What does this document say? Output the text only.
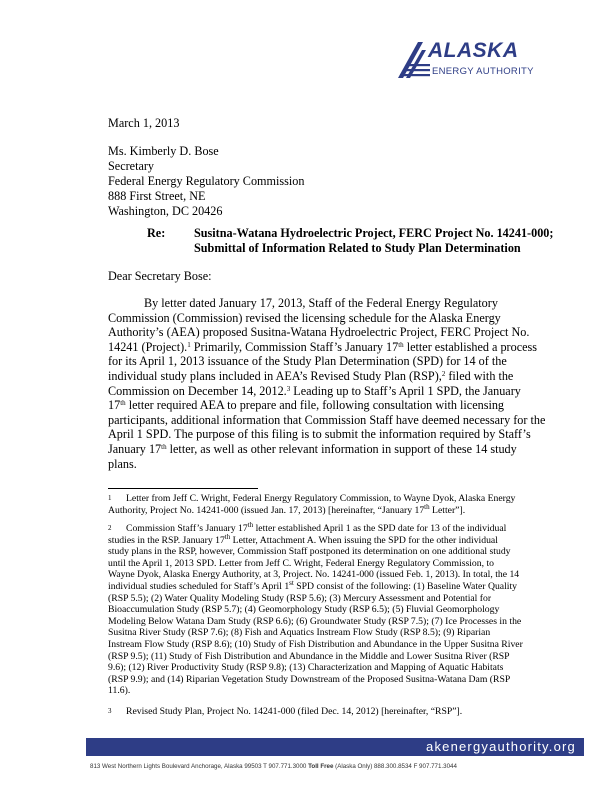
ALASKA
ENERGY AUTHORITY
March 1, 2013
Ms. Kimberly D. Bose
Secretary
Federal Energy Regulatory Commission
888 First Street, NE
Washington, DC 20426
Re: Susitna-Watana Hydroelectric Project, FERC Project No. 14241-000;
Submittal of Information Related to Study Plan Determination
Dear Secretary Bose:
By letter dated January 17, 2013, Staff of the Federal Energy Regulatory
Commission (Commission) revised the licensing schedule for the Alaska Energy
Authority’s (AEA) proposed Susitna-Watana Hydroelectric Project, FERC Project No.
14241 (Project).$^1$ Primarily, Commission Staff’s January 17th letter established a process
for its April 1, 2013 issuance of the Study Plan Determination (SPD) for 14 of the
individual study plans included in AEA’s Revised Study Plan (RSP),$^2$ filed with the
Commission on December 14, 2012.$^3$ Leading up to Staff’s April 1 SPD, the January
17th letter required AEA to prepare and file, following consultation with licensing
participants, additional information that Commission Staff have deemed necessary for the
April 1 SPD. The purpose of this filing is to submit the information required by Staff’s
January 17th letter, as well as other relevant information in support of these 14 study
plans.
1 Letter from Jeff C. Wright, Federal Energy Regulatory Commission, to Wayne Dyok, Alaska Energy
Authority, Project No. 14241-000 (issued Jan. 17, 2013) [hereinafter, “January 17th Letter”].
2 Commission Staff’s January 17th letter established April 1 as the SPD date for 13 of the individual
studies in the RSP. January 17th Letter, Attachment A. When issuing the SPD for the other individual
study plans in the RSP, however, Commission Staff postponed its determination on one additional study
until the April 1, 2013 SPD. Letter from Jeff C. Wright, Federal Energy Regulatory Commission, to
Wayne Dyok, Alaska Energy Authority, at 3, Project. No. 14241-000 (issued Feb. 1, 2013). In total, the 14
individual studies scheduled for Staff’s April 1st SPD consist of the following: (1) Baseline Water Quality
(RSP 5.5); (2) Water Quality Modeling Study (RSP 5.6); (3) Mercury Assessment and Potential for
Bioaccumulation Study (RSP 5.7); (4) Geomorphology Study (RSP 6.5); (5) Fluvial Geomorphology
Modeling Below Watana Dam Study (RSP 6.6); (6) Groundwater Study (RSP 7.5); (7) Ice Processes in the
Susitna River Study (RSP 7.6); (8) Fish and Aquatics Instream Flow Study (RSP 8.5); (9) Riparian
Instream Flow Study (RSP 8.6); (10) Study of Fish Distribution and Abundance in the Upper Susitna River
(RSP 9.5); (11) Study of Fish Distribution and Abundance in the Middle and Lower Susitna River (RSP
9.6); (12) River Productivity Study (RSP 9.8); (13) Characterization and Mapping of Aquatic Habitats
(RSP 9.9); and (14) Riparian Vegetation Study Downstream of the Proposed Susitna-Watana Dam (RSP
11.6).
3 Revised Study Plan, Project No. 14241-000 (filed Dec. 14, 2012) [hereinafter, “RSP”].
akenergyauthority.org
813 West Northern Lights Boulevard Anchorage, Alaska 99503 T 907.771.3000 Toll Free (Alaska Only) 888.300.8534 F 907.771.3044
